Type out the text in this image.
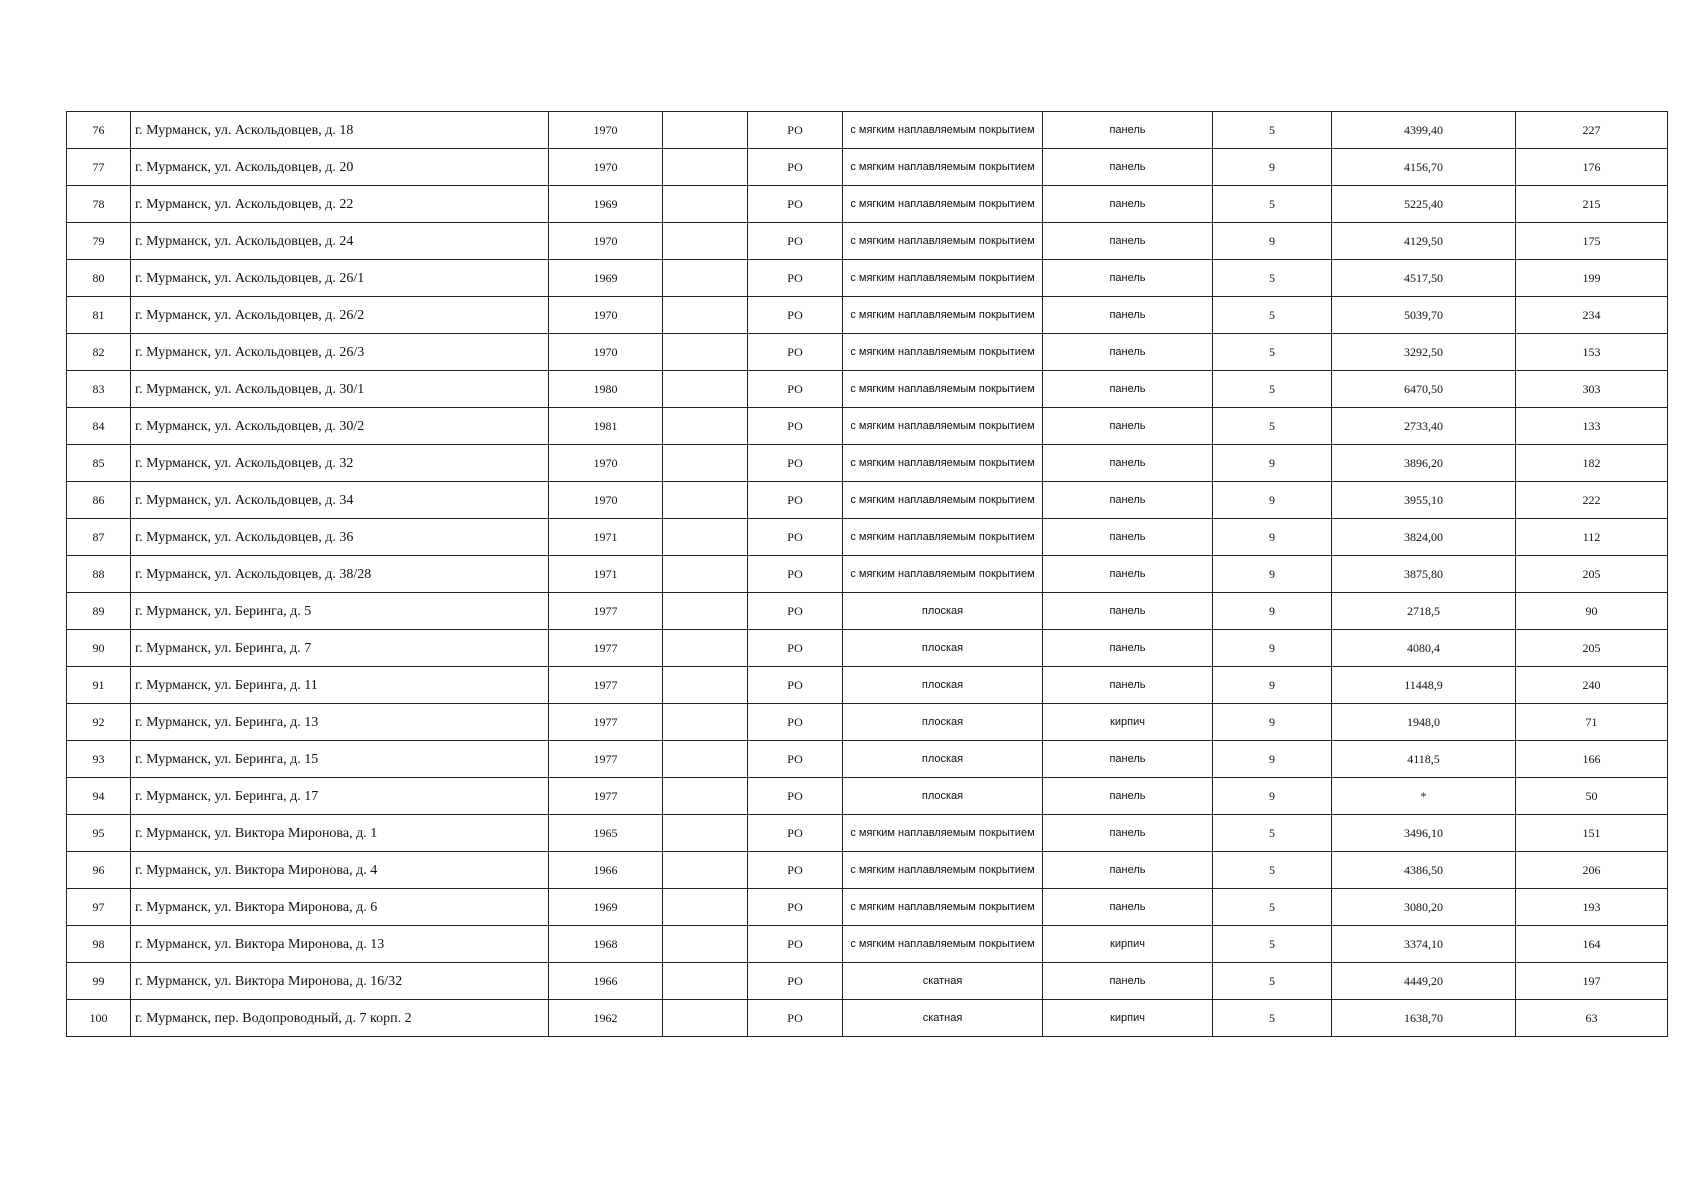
76	г. Мурманск, ул. Аскольдовцев, д. 18	1970		РО	с мягким наплавляемым покрытием	панель	5	4399,40	227
77	г. Мурманск, ул. Аскольдовцев, д. 20	1970		РО	с мягким наплавляемым покрытием	панель	9	4156,70	176
78	г. Мурманск, ул. Аскольдовцев, д. 22	1969		РО	с мягким наплавляемым покрытием	панель	5	5225,40	215
79	г. Мурманск, ул. Аскольдовцев, д. 24	1970		РО	с мягким наплавляемым покрытием	панель	9	4129,50	175
80	г. Мурманск, ул. Аскольдовцев, д. 26/1	1969		РО	с мягким наплавляемым покрытием	панель	5	4517,50	199
81	г. Мурманск, ул. Аскольдовцев, д. 26/2	1970		РО	с мягким наплавляемым покрытием	панель	5	5039,70	234
82	г. Мурманск, ул. Аскольдовцев, д. 26/3	1970		РО	с мягким наплавляемым покрытием	панель	5	3292,50	153
83	г. Мурманск, ул. Аскольдовцев, д. 30/1	1980		РО	с мягким наплавляемым покрытием	панель	5	6470,50	303
84	г. Мурманск, ул. Аскольдовцев, д. 30/2	1981		РО	с мягким наплавляемым покрытием	панель	5	2733,40	133
85	г. Мурманск, ул. Аскольдовцев, д. 32	1970		РО	с мягким наплавляемым покрытием	панель	9	3896,20	182
86	г. Мурманск, ул. Аскольдовцев, д. 34	1970		РО	с мягким наплавляемым покрытием	панель	9	3955,10	222
87	г. Мурманск, ул. Аскольдовцев, д. 36	1971		РО	с мягким наплавляемым покрытием	панель	9	3824,00	112
88	г. Мурманск, ул. Аскольдовцев, д. 38/28	1971		РО	с мягким наплавляемым покрытием	панель	9	3875,80	205
89	г. Мурманск, ул. Беринга, д. 5	1977		РО	плоская	панель	9	2718,5	90
90	г. Мурманск, ул. Беринга, д. 7	1977		РО	плоская	панель	9	4080,4	205
91	г. Мурманск, ул. Беринга, д. 11	1977		РО	плоская	панель	9	11448,9	240
92	г. Мурманск, ул. Беринга, д. 13	1977		РО	плоская	кирпич	9	1948,0	71
93	г. Мурманск, ул. Беринга, д. 15	1977		РО	плоская	панель	9	4118,5	166
94	г. Мурманск, ул. Беринга, д. 17	1977		РО	плоская	панель	9	*	50
95	г. Мурманск, ул. Виктора Миронова, д. 1	1965		РО	с мягким наплавляемым покрытием	панель	5	3496,10	151
96	г. Мурманск, ул. Виктора Миронова, д. 4	1966		РО	с мягким наплавляемым покрытием	панель	5	4386,50	206
97	г. Мурманск, ул. Виктора Миронова, д. 6	1969		РО	с мягким наплавляемым покрытием	панель	5	3080,20	193
98	г. Мурманск, ул. Виктора Миронова, д. 13	1968		РО	с мягким наплавляемым покрытием	кирпич	5	3374,10	164
99	г. Мурманск, ул. Виктора Миронова, д. 16/32	1966		РО	скатная	панель	5	4449,20	197
100	г. Мурманск, пер. Водопроводный, д. 7 корп. 2	1962		РО	скатная	кирпич	5	1638,70	63
